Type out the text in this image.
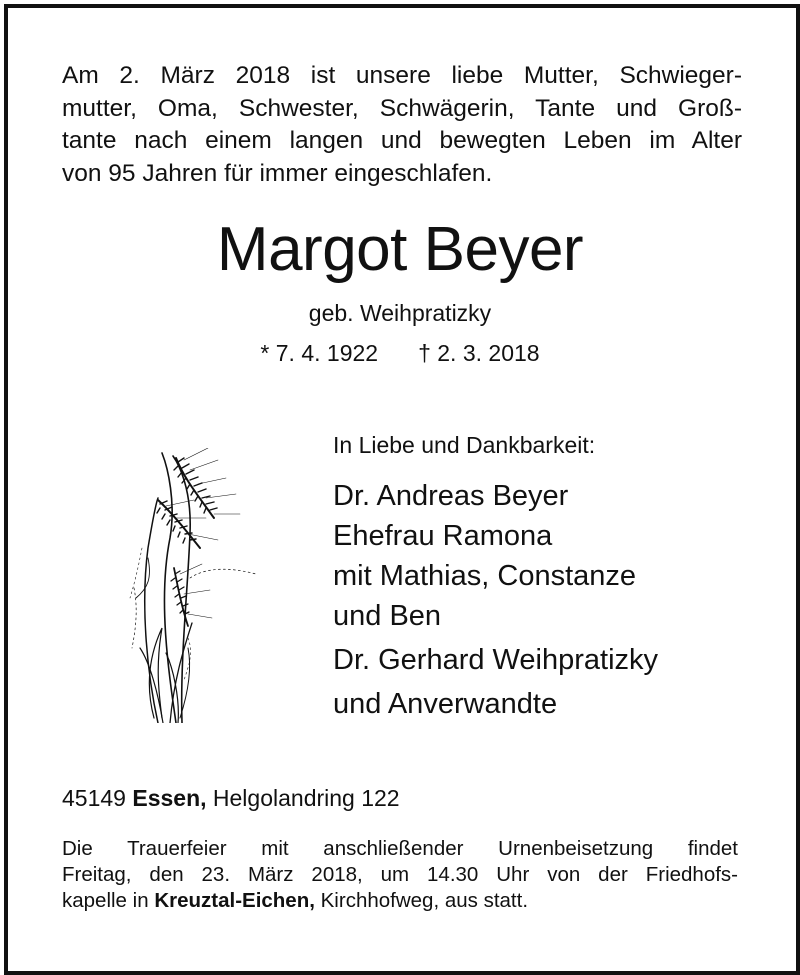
Am 2. März 2018 ist unsere liebe Mutter, Schwieger-
mutter, Oma, Schwester, Schwägerin, Tante und Groß-
tante nach einem langen und bewegten Leben im Alter
von 95 Jahren für immer eingeschlafen.
Margot Beyer
geb. Weihpratizky
* 7. 4. 1922 † 2. 3. 2018
In Liebe und Dankbarkeit:
Dr. Andreas Beyer
Ehefrau Ramona
mit Mathias, Constanze
und Ben
Dr. Gerhard Weihpratizky
und Anverwandte
45149 Essen, Helgolandring 122
Die Trauerfeier mit anschließender Urnenbeisetzung findet
Freitag, den 23. März 2018, um 14.30 Uhr von der Friedhofs-
kapelle in Kreuztal-Eichen, Kirchhofweg, aus statt.
